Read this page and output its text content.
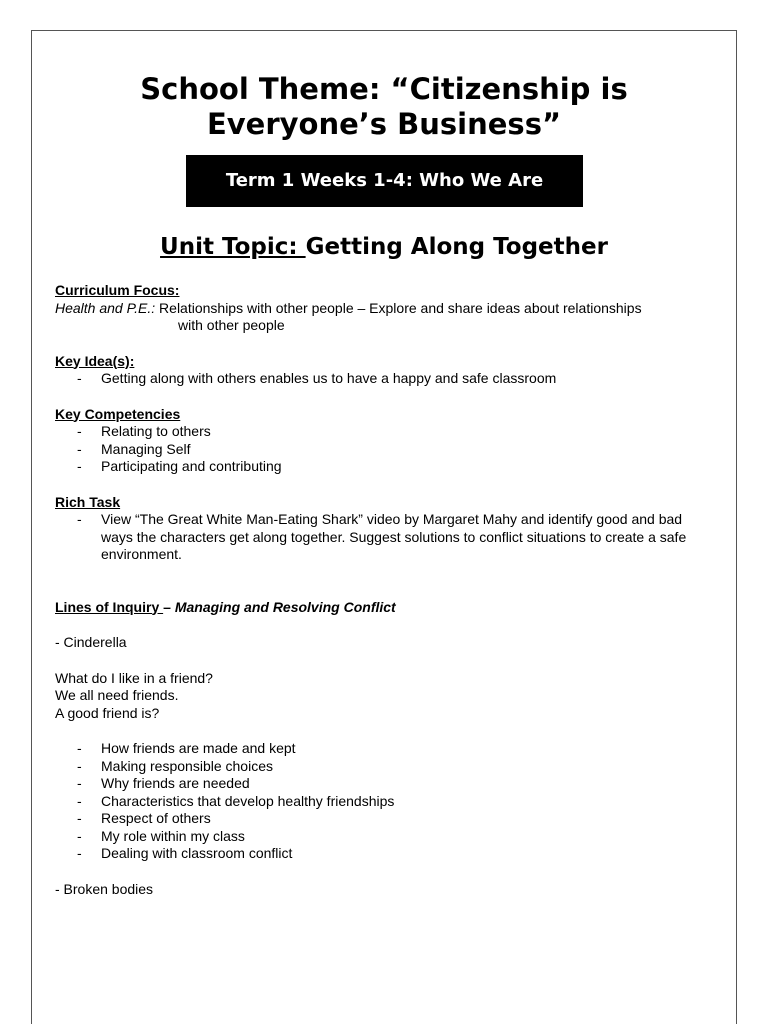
School Theme: “Citizenship is
Everyone’s Business”
Term 1 Weeks 1-4: Who We Are
Unit Topic: Getting Along Together

Curriculum Focus:

Health and P.E.: Relationships with other people – Explore and share ideas about relationships

with other people

Key Idea(s):

- Getting along with others enables us to have a happy and safe classroom

Key Competencies

- Relating to others
- Managing Self
- Participating and contributing

Rich Task

- View “The Great White Man-Eating Shark” video by Margaret Mahy and identify good and bad ways the characters get along together. Suggest solutions to conflict situations to create a safe environment.

Lines of Inquiry – Managing and Resolving Conflict

- Cinderella

What do I like in a friend?

We all need friends.

A good friend is?

- How friends are made and kept
- Making responsible choices
- Why friends are needed
- Characteristics that develop healthy friendships
- Respect of others
- My role within my class
- Dealing with classroom conflict

- Broken bodies
